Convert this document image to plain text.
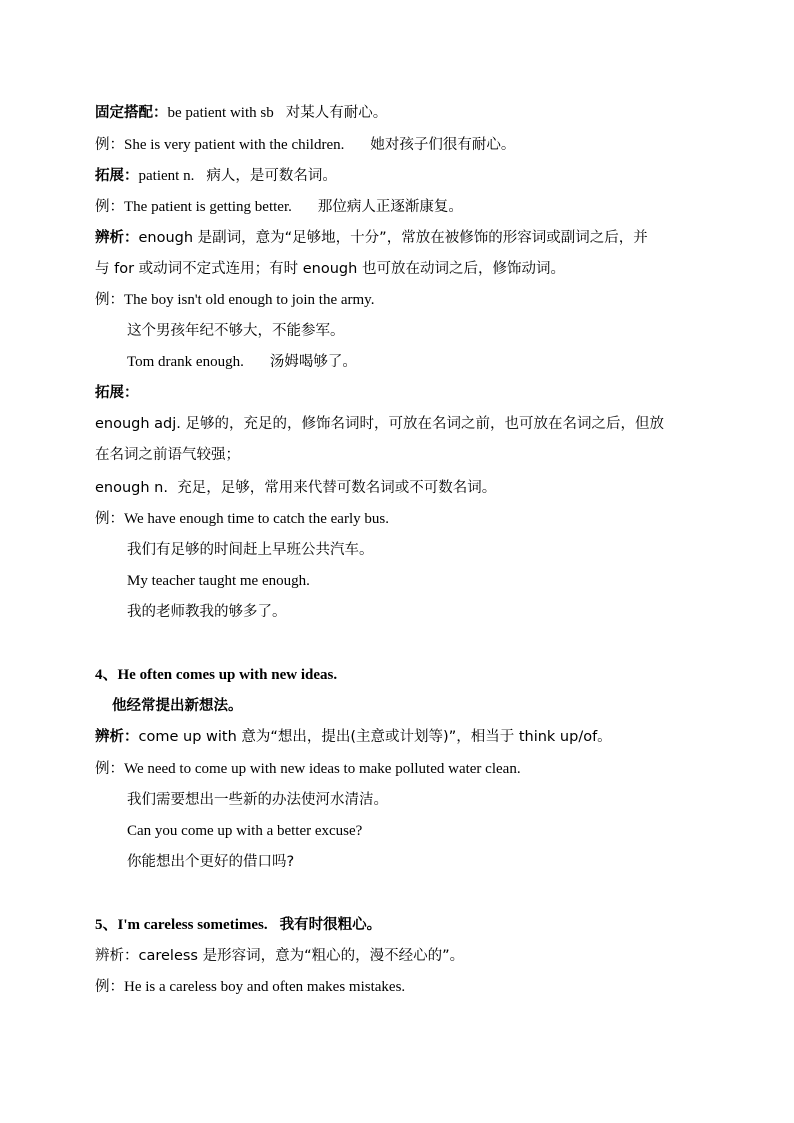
固定搭配：be patient with sb 对某人有耐心。
例：She is very patient with the children. 她对孩子们很有耐心。
拓展：patient n. 病人，是可数名词。
例：The patient is getting better. 那位病人正逐渐康复。
辨析：enough 是副词，意为“足够地，十分”，常放在被修饰的形容词或副词之后，并
与 for 或动词不定式连用；有时 enough 也可放在动词之后，修饰动词。
例：The boy isn't old enough to join the army.
这个男孩年纪不够大，不能参军。
Tom drank enough. 汤姆喝够了。
拓展：
enough adj. 足够的，充足的，修饰名词时，可放在名词之前，也可放在名词之后，但放
在名词之前语气较强；
enough n.  充足，足够，常用来代替可数名词或不可数名词。
例：We have enough time to catch the early bus.
我们有足够的时间赶上早班公共汽车。
My teacher taught me enough.
我的老师教我的够多了。
4、He often comes up with new ideas.
他经常提出新想法。
辨析：come up with 意为“想出，提出(主意或计划等)”，相当于 think up/of。
例：We need to come up with new ideas to make polluted water clean.
我们需要想出一些新的办法使河水清洁。
Can you come up with a better excuse?
你能想出个更好的借口吗?
5、I'm careless sometimes. 我有时很粗心。
辨析：careless 是形容词，意为“粗心的，漫不经心的”。
例：He is a careless boy and often makes mistakes.
